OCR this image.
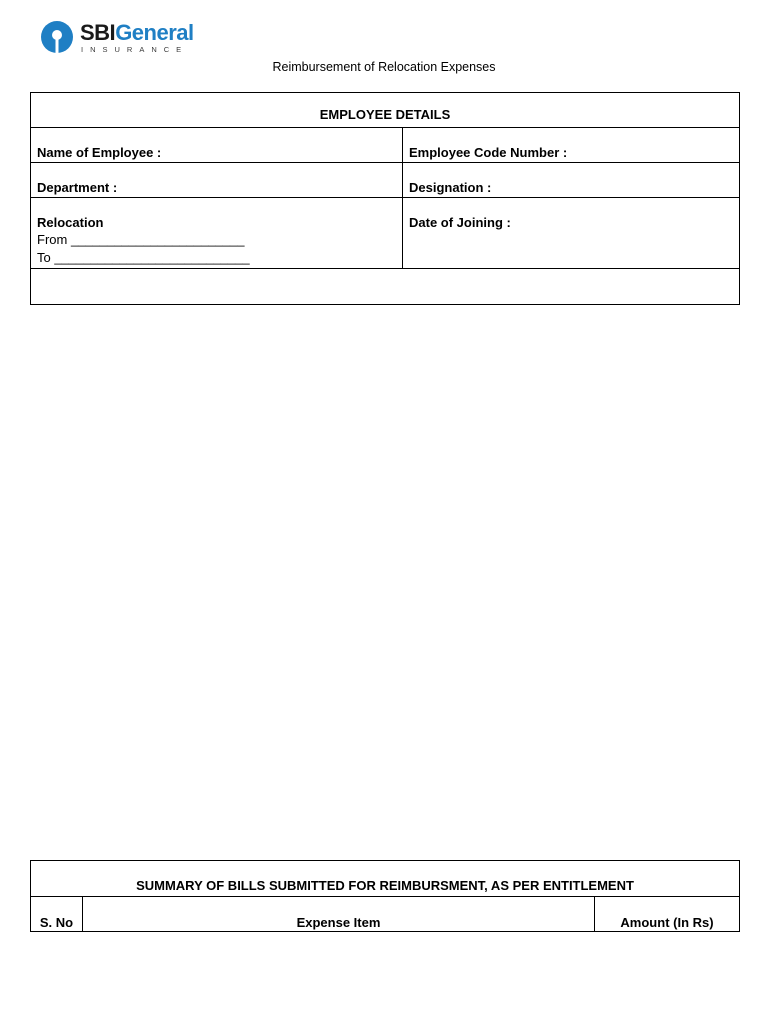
SBIGeneral
INSURANCE
Reimbursement of Relocation Expenses
EMPLOYEE DETAILS	
Name of Employee :	Employee Code Number :
Department :	Designation :
Relocation
From ________________________
To ___________________________	Date of Joining :

SUMMARY OF BILLS SUBMITTED FOR REIMBURSMENT, AS PER ENTITLEMENT
S. No	Expense Item	Amount (In Rs)
